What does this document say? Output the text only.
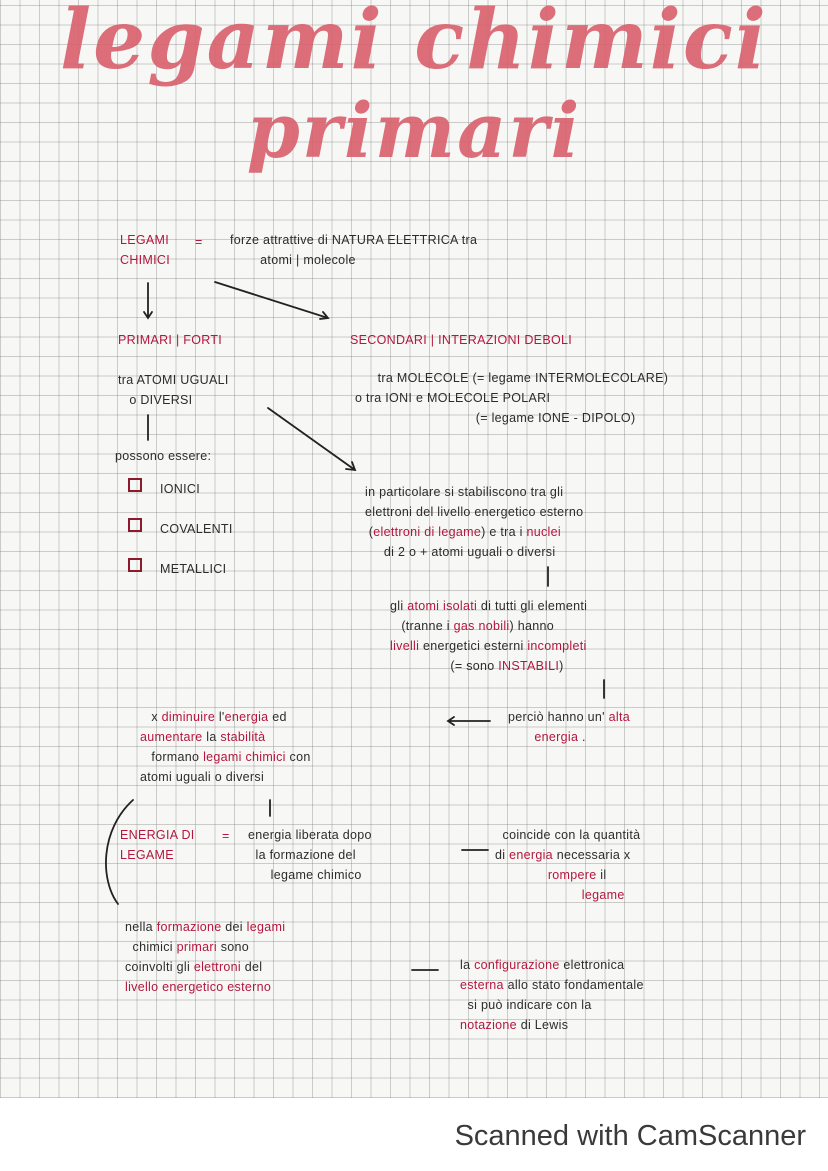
legami chimici
primari
LEGAMI
CHIMICI
= forze attrattive di NATURA ELETTRICA tra
atomi | molecole
PRIMARI | FORTI	SECONDARI | INTERAZIONI DEBOLI
tra ATOMI UGUALI
o DIVERSI
tra MOLECOLE (= legame INTERMOLECOLARE)
o tra IONI e MOLECOLE POLARI
(= legame IONE - DIPOLO)
possono essere:
IONICI
COVALENTI
METALLICI
in particolare si stabiliscono tra gli
elettroni del livello energetico esterno
(elettroni di legame) e tra i nuclei
di 2 o + atomi uguali o diversi
gli atomi isolati di tutti gli elementi
(tranne i gas nobili) hanno
livelli energetici esterni incompleti
(= sono INSTABILI)
perciò hanno un' alta
energia .
x diminuire l'energia ed
aumentare la stabilità
formano legami chimici con
atomi uguali o diversi
ENERGIA DI
LEGAME
= energia liberata dopo
la formazione del
legame chimico
coincide con la quantità
di energia necessaria x
rompere il
legame
nella formazione dei legami
chimici primari sono
coinvolti gli elettroni del
livello energetico esterno
la configurazione elettronica
esterna allo stato fondamentale
si può indicare con la
notazione di Lewis
Scanned with CamScanner
